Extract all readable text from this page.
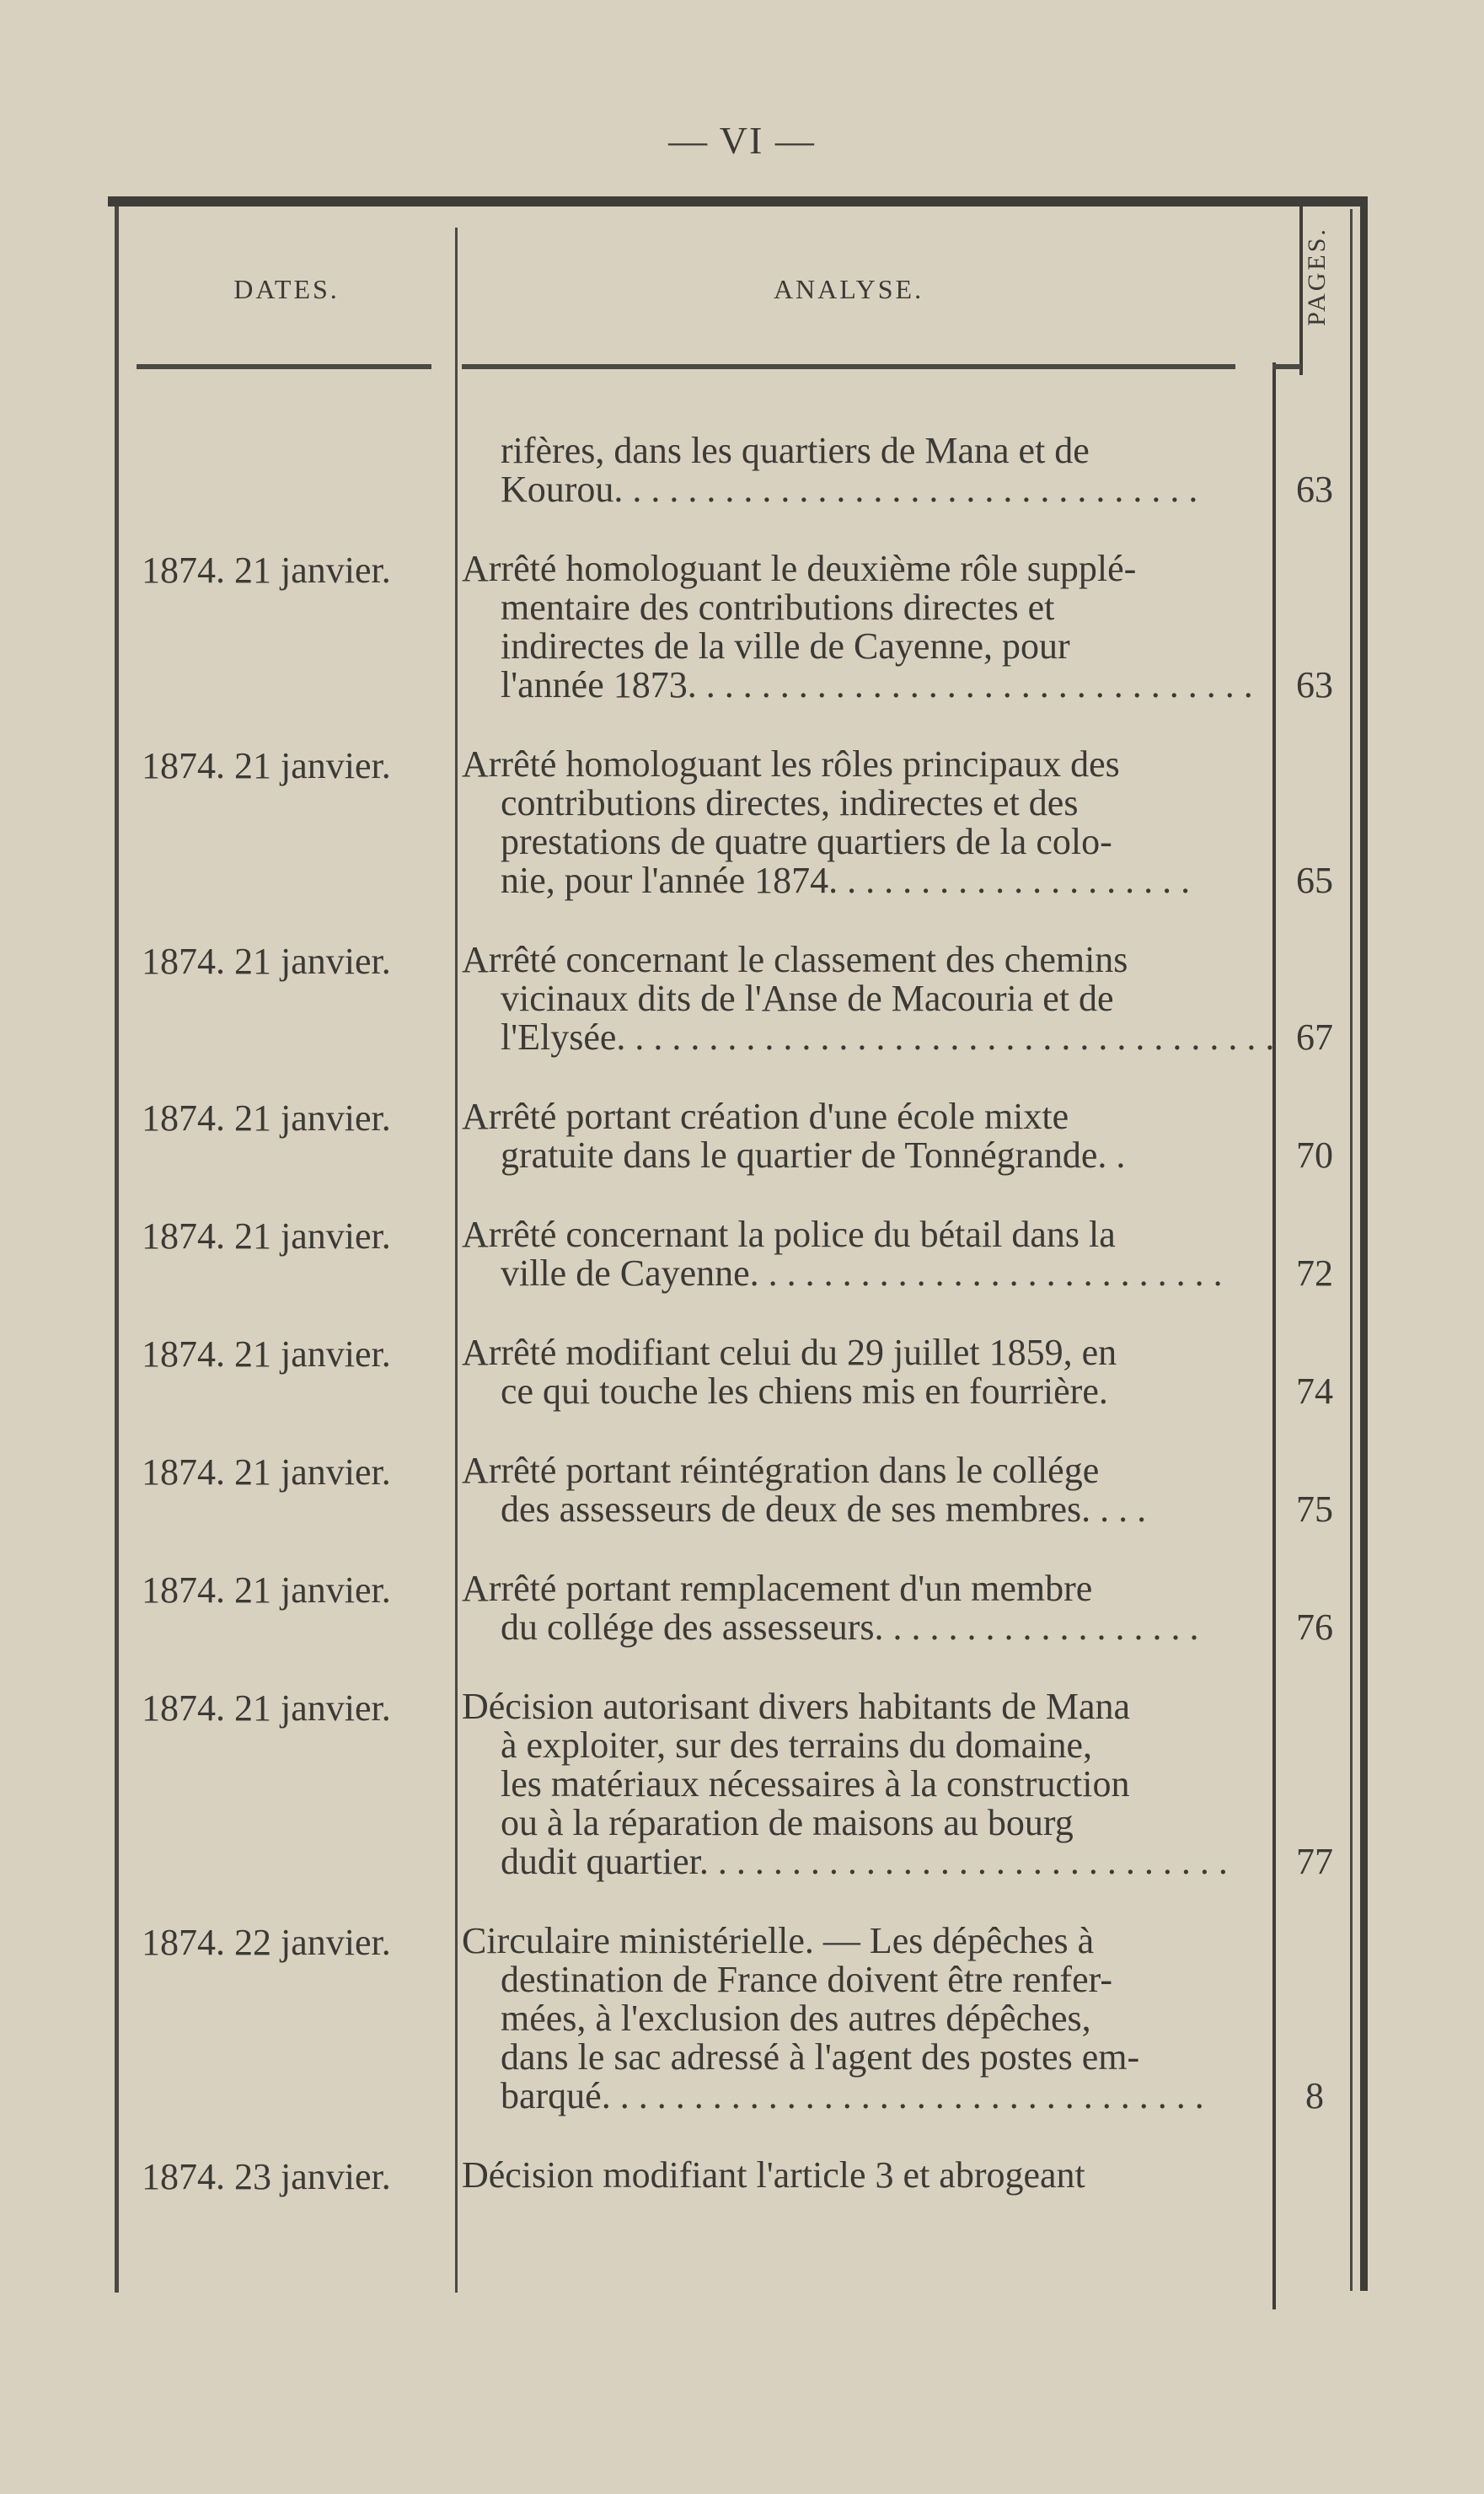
— VI —
DATES.	ANALYSE.	PAGES.
rifères, dans les quartiers de Mana et de
Kourou. . . . . . . . . . . . . . . . . . . . . . . . . . . . . . . .	63
1874. 21 janvier.	Arrêté homologuant le deuxième rôle supplé-
mentaire des contributions directes et
indirectes de la ville de Cayenne, pour
l'année 1873. . . . . . . . . . . . . . . . . . . . . . . . . . . . . . .	63
1874. 21 janvier.	Arrêté homologuant les rôles principaux des
contributions directes, indirectes et des
prestations de quatre quartiers de la colo-
nie, pour l'année 1874. . . . . . . . . . . . . . . . . . . .	65
1874. 21 janvier.	Arrêté concernant le classement des chemins
vicinaux dits de l'Anse de Macouria et de
l'Elysée. . . . . . . . . . . . . . . . . . . . . . . . . . . . . . . . . . . . 67
1874. 21 janvier.	Arrêté portant création d'une école mixte
gratuite dans le quartier de Tonnégrande. .	70
1874. 21 janvier.	Arrêté concernant la police du bétail dans la
ville de Cayenne. . . . . . . . . . . . . . . . . . . . . . . . . .	72
1874. 21 janvier.	Arrêté modifiant celui du 29 juillet 1859, en
ce qui touche les chiens mis en fourrière.	74
1874. 21 janvier.	Arrêté portant réintégration dans le collége
des assesseurs de deux de ses membres. . . .	75
1874. 21 janvier.	Arrêté portant remplacement d'un membre
du collége des assesseurs. . . . . . . . . . . . . . . . . .	76
1874. 21 janvier.	Décision autorisant divers habitants de Mana
à exploiter, sur des terrains du domaine,
les matériaux nécessaires à la construction
ou à la réparation de maisons au bourg
dudit quartier. . . . . . . . . . . . . . . . . . . . . . . . . . . . .	77
1874. 22 janvier.	Circulaire ministérielle. — Les dépêches à
destination de France doivent être renfer-
mées, à l'exclusion des autres dépêches,
dans le sac adressé à l'agent des postes em-
barqué. . . . . . . . . . . . . . . . . . . . . . . . . . . . . . . . .	8
1874. 23 janvier.	Décision modifiant l'article 3 et abrogeant
